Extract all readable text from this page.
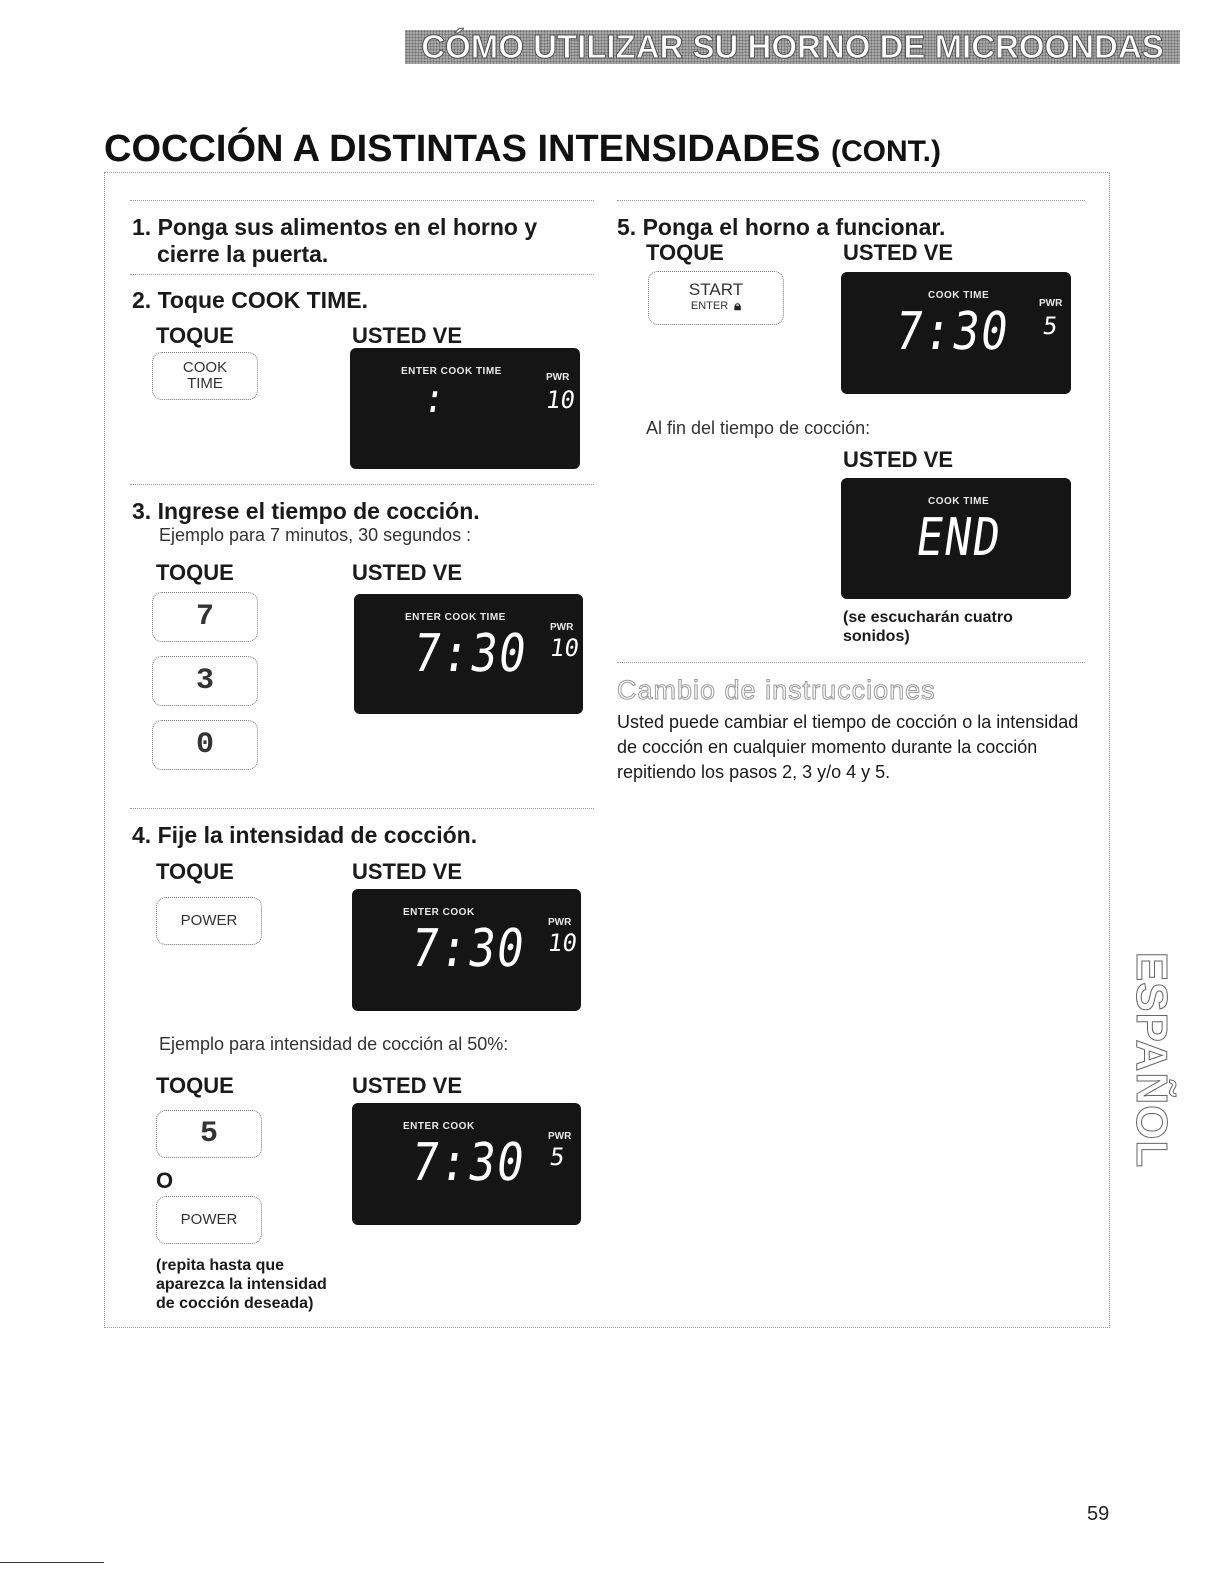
CÓMO UTILIZAR SU HORNO DE MICROONDAS
COCCIÓN A DISTINTAS INTENSIDADES (CONT.)
1. Ponga sus alimentos en el horno y
cierre la puerta.
2. Toque COOK TIME.
TOQUE	USTED VE
COOK
TIME
ENTER COOK TIME
PWR
:	10
3. Ingrese el tiempo de cocción.
Ejemplo para 7 minutos, 30 segundos :
TOQUE	USTED VE
7
3
0
ENTER COOK TIME
PWR
7:30 10
4. Fije la intensidad de cocción.
TOQUE	USTED VE
POWER	ENTER COOK
PWR
7:30 10
Ejemplo para intensidad de cocción al 50%:
TOQUE	USTED VE
5
O
POWER
ENTER COOK
PWR
7:30 5
(repita hasta que
aparezca la intensidad
de cocción deseada)
5. Ponga el horno a funcionar.
TOQUE	USTED VE
START
ENTER 🔒︎
COOK TIME
PWR
7:30 5
Al fin del tiempo de cocción:
USTED VE
COOK TIME
END
(se escucharán cuatro
sonidos)
Cambio de instrucciones
Usted puede cambiar el tiempo de cocción o la intensidad de cocción en cualquier momento durante la cocción repitiendo los pasos 2, 3 y/o 4 y 5.
ESPAÑOL
59
